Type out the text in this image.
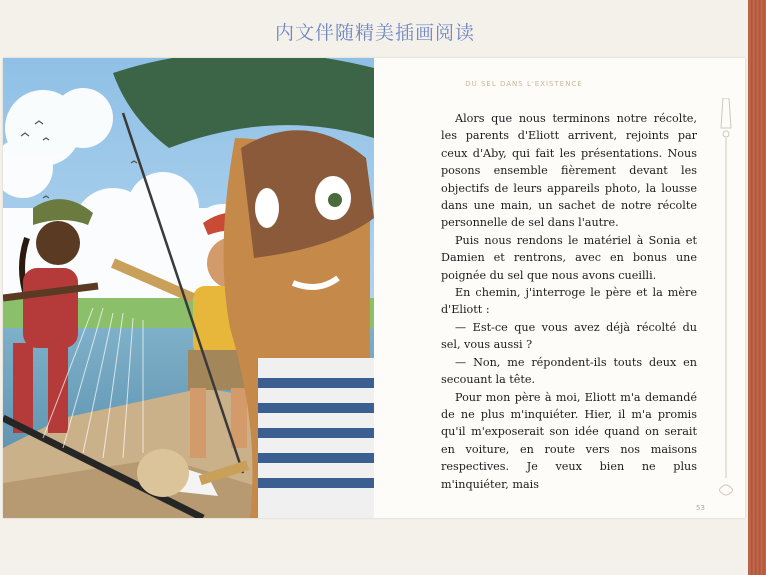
内文伴随精美插画阅读
DU SEL DANS L'EXISTENCE

Alors que nous terminons notre récolte, les parents d'Eliott arrivent, rejoints par ceux d'Aby, qui fait les présentations. Nous posons ensemble fièrement devant les objectifs de leurs appareils photo, la lousse dans une main, un sachet de notre récolte personnelle de sel dans l'autre.

Puis nous rendons le matériel à Sonia et Damien et rentrons, avec en bonus une poignée du sel que nous avons cueilli.

En chemin, j'interroge le père et la mère d'Eliott :

— Est-ce que vous avez déjà récolté du sel, vous aussi ?

— Non, me répondent-ils touts deux en secouant la tête.

Pour mon père à moi, Eliott m'a demandé de ne plus m'inquiéter. Hier, il m'a promis qu'il m'exposerait son idée quand on serait en voiture, en route vers nos maisons respectives. Je veux bien ne plus m'inquiéter, mais

53
